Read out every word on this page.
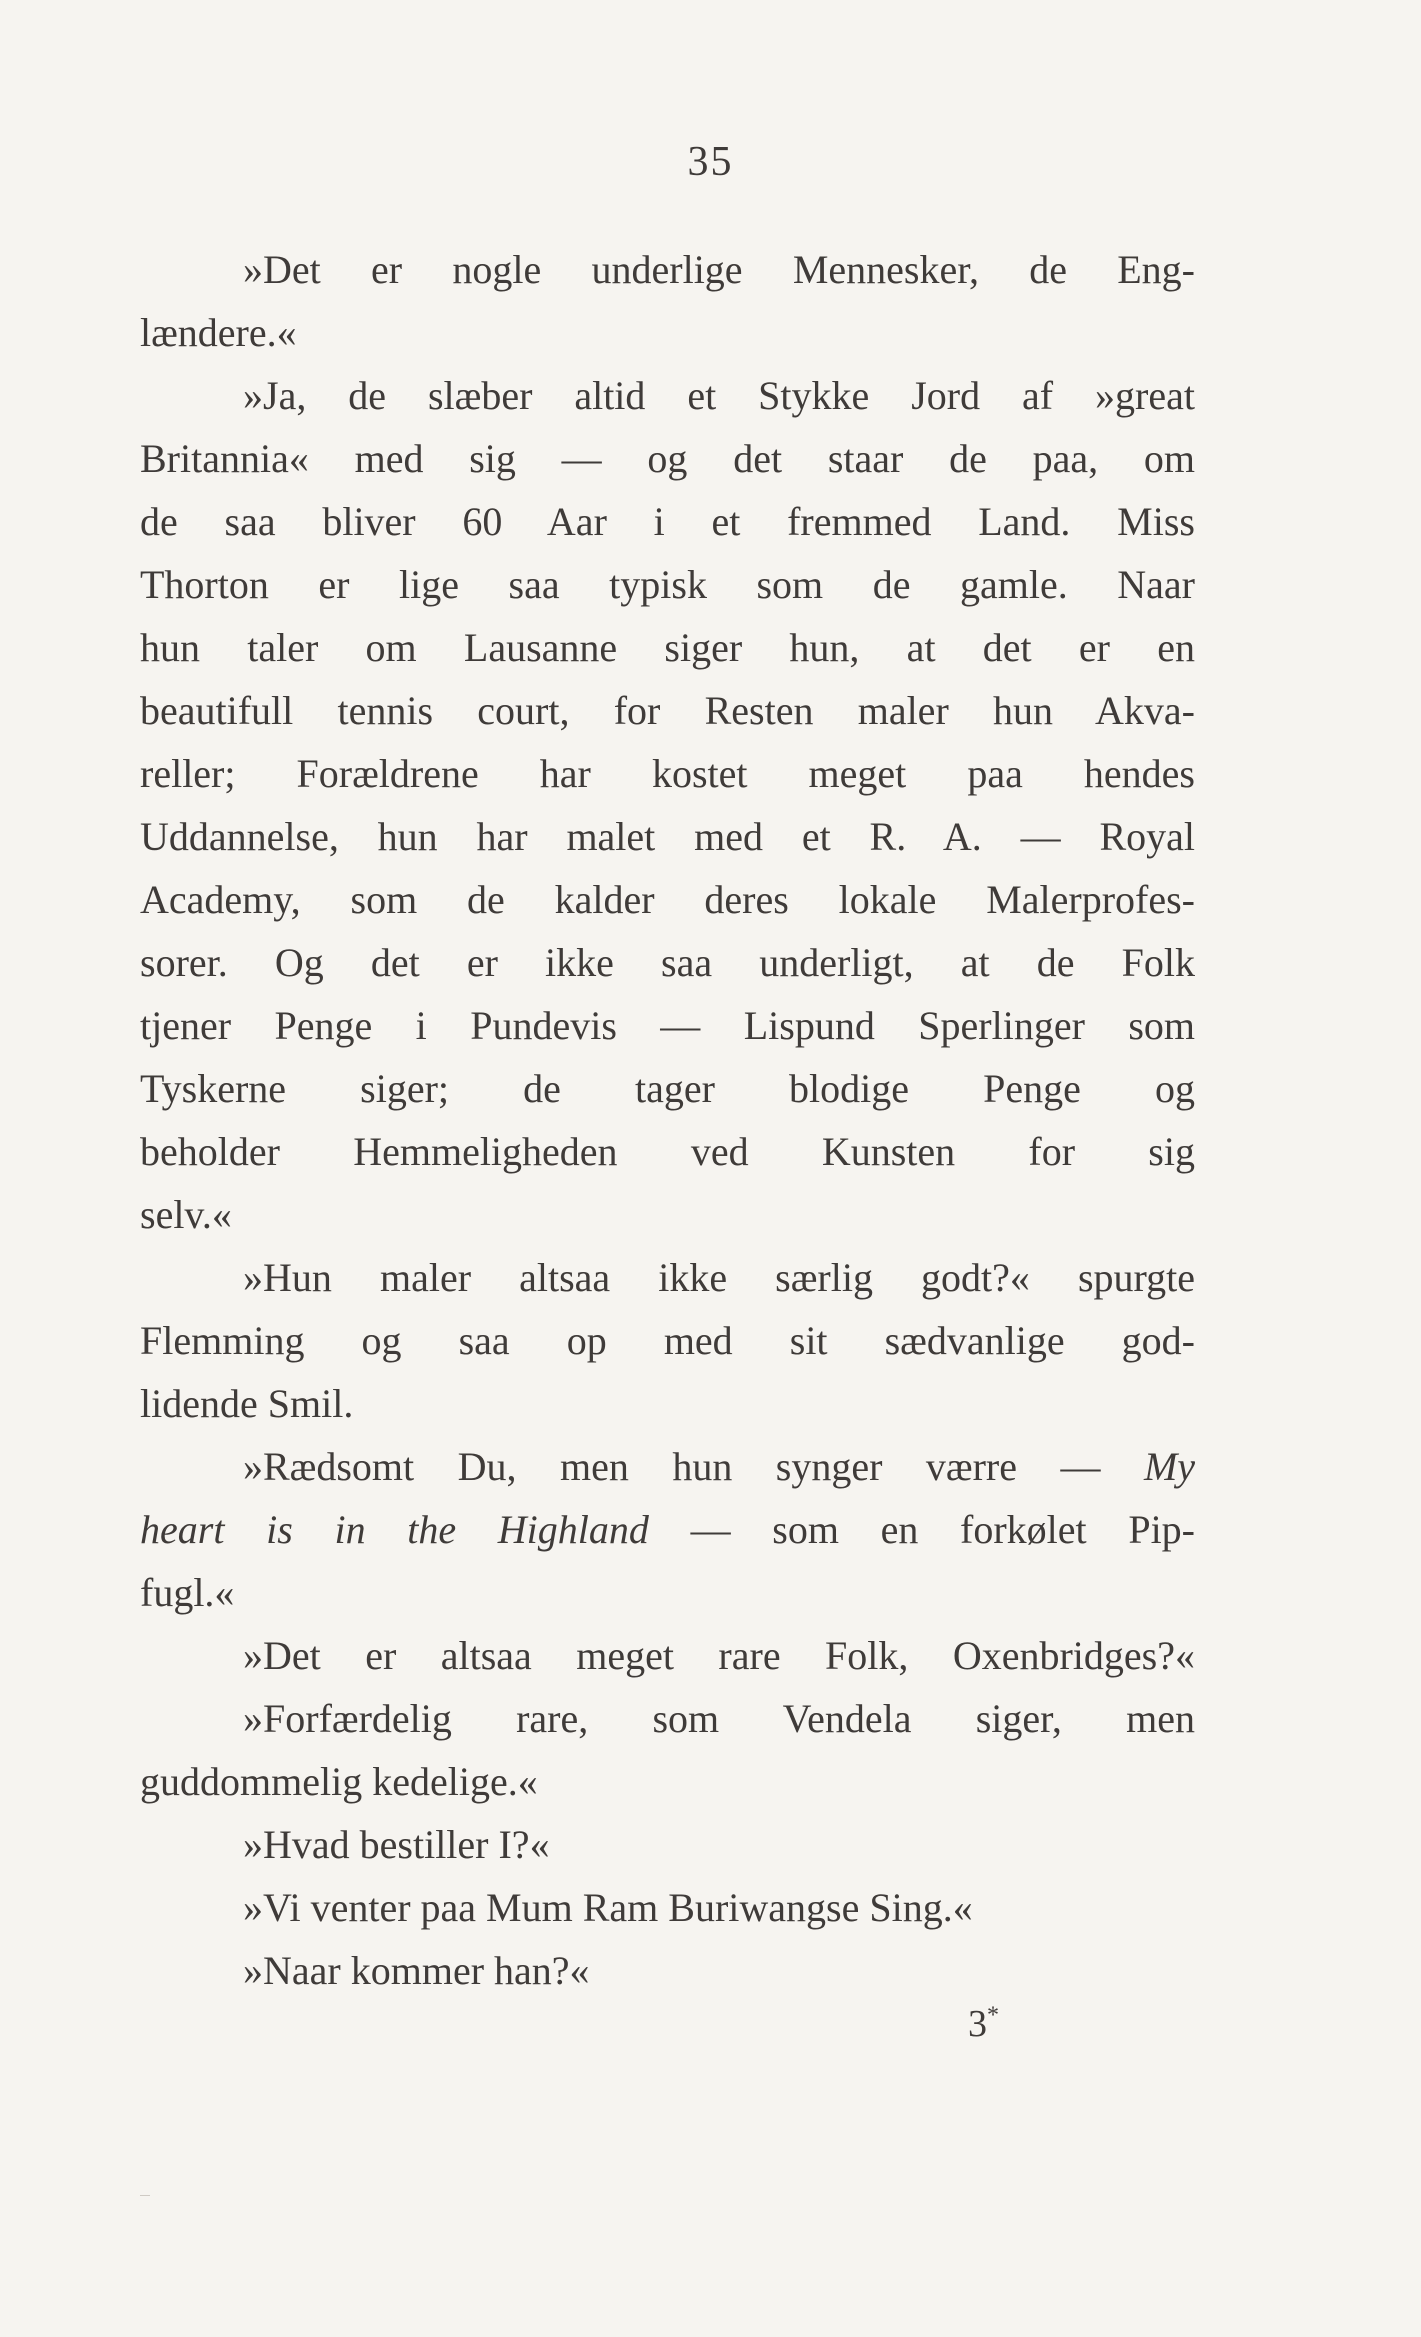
35
»Det er nogle underlige Mennesker, de Eng-
lændere.«
»Ja, de slæber altid et Stykke Jord af »great
Britannia« med sig — og det staar de paa, om
de saa bliver 60 Aar i et fremmed Land. Miss
Thorton er lige saa typisk som de gamle. Naar
hun taler om Lausanne siger hun, at det er en
beautifull tennis court, for Resten maler hun Akva-
reller; Forældrene har kostet meget paa hendes
Uddannelse, hun har malet med et R. A. — Royal
Academy, som de kalder deres lokale Malerprofes-
sorer. Og det er ikke saa underligt, at de Folk
tjener Penge i Pundevis — Lispund Sperlinger som
Tyskerne siger; de tager blodige Penge og
beholder Hemmeligheden ved Kunsten for sig
selv.«
»Hun maler altsaa ikke særlig godt?« spurgte
Flemming og saa op med sit sædvanlige god-
lidende Smil.
»Rædsomt Du, men hun synger værre — My
heart is in the Highland — som en forkølet Pip-
fugl.«
»Det er altsaa meget rare Folk, Oxenbridges?«
»Forfærdelig rare, som Vendela siger, men
guddommelig kedelige.«
»Hvad bestiller I?«
»Vi venter paa Mum Ram Buriwangse Sing.«
»Naar kommer han?«
3*
